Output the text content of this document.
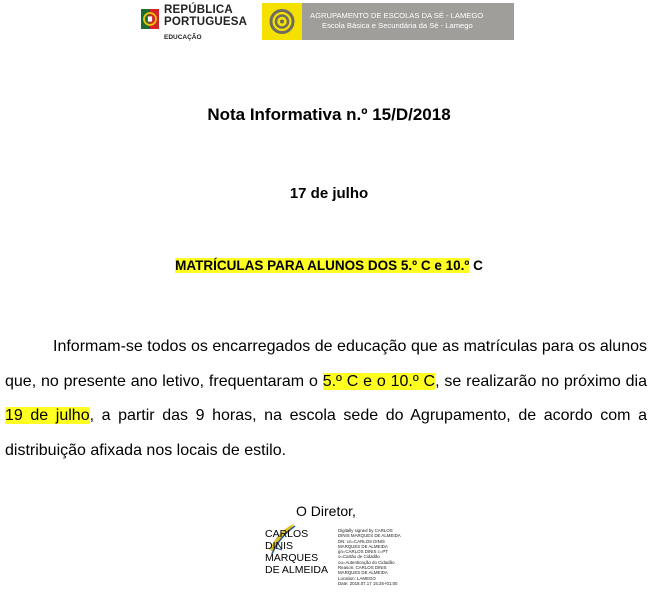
REPÚBLICA
PORTUGUESA
EDUCAÇÃO
AGRUPAMENTO DE ESCOLAS DA SÉ - LAMEGO
Escola Básica e Secundária da Sé - Lamego
Nota Informativa n.º 15/D/2018
17 de julho
MATRÍCULAS PARA ALUNOS DOS 5.º C e 10.º C
Informam-se todos os encarregados de educação que as matrículas para os alunos que, no presente ano letivo, frequentaram o 5.º C e o 10.º C, se realizarão no próximo dia 19 de julho, a partir das 9 horas, na escola sede do Agrupamento, de acordo com a distribuição afixada nos locais de estilo.
O Diretor,
CARLOS
DINIS
MARQUES
DE ALMEIDA
Digitally signed by CARLOS
DINIS MARQUES DE ALMEIDA
DN: cn=CARLOS DINIS
MARQUES DE ALMEIDA
gn=CARLOS DINIS c=PT
o=Cartão de Cidadão
ou=Autenticação do Cidadão
Reason: CARLOS DINIS
MARQUES DE ALMEIDA
Location: LAMEGO
Date: 2018.07.17 15:26+01:00
